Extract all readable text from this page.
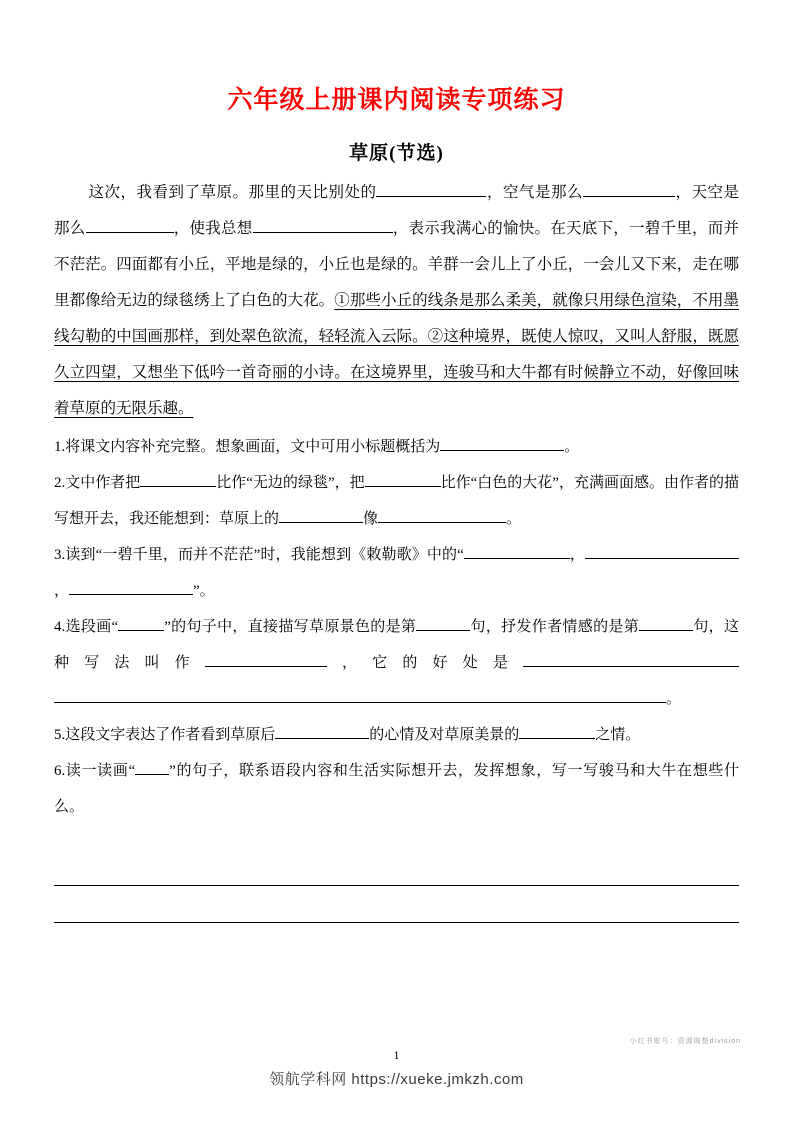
六年级上册课内阅读专项练习
草原(节选)
这次，我看到了草原。那里的天比别处的	，空气是那么	，天空是那么	，使我总想	，表示我满心的愉快。在天底下，一碧千里，而并不茫茫。四面都有小丘，平地是绿的，小丘也是绿的。羊群一会儿上了小丘，一会儿又下来，走在哪里都像给无边的绿毯绣上了白色的大花。①那些小丘的线条是那么柔美，就像只用绿色渲染，不用墨线勾勒的中国画那样，到处翠色欲流，轻轻流入云际。②这种境界，既使人惊叹，又叫人舒服，既愿久立四望，又想坐下低吟一首奇丽的小诗。在这境界里，连骏马和大牛都有时候静立不动，好像回味着草原的无限乐趣。

1.将课文内容补充完整。想象画面，文中可用小标题概括为	。

2.文中作者把	比作“无边的绿毯”，把	比作“白色的大花”，充满画面感。由作者的描写想开去，我还能想到：草原上的	像	。

3.读到“一碧千里，而并不茫茫”时，我能想到《敕勒歌》中的“	，，	”。

4.选段画“	”的句子中，直接描写草原景色的是第	句，抒发作者情感的是第	句，这种写法叫作	，它的好处是。

5.这段文字表达了作者看到草原后	的心情及对草原美景的	之情。

6.读一读画“ ”的句子，联系语段内容和生活实际想开去，发挥想象，写一写骏马和大牛在想些什么。

小红书账号：资源阁整division
1
领航学科网 https://xueke.jmkzh.com
